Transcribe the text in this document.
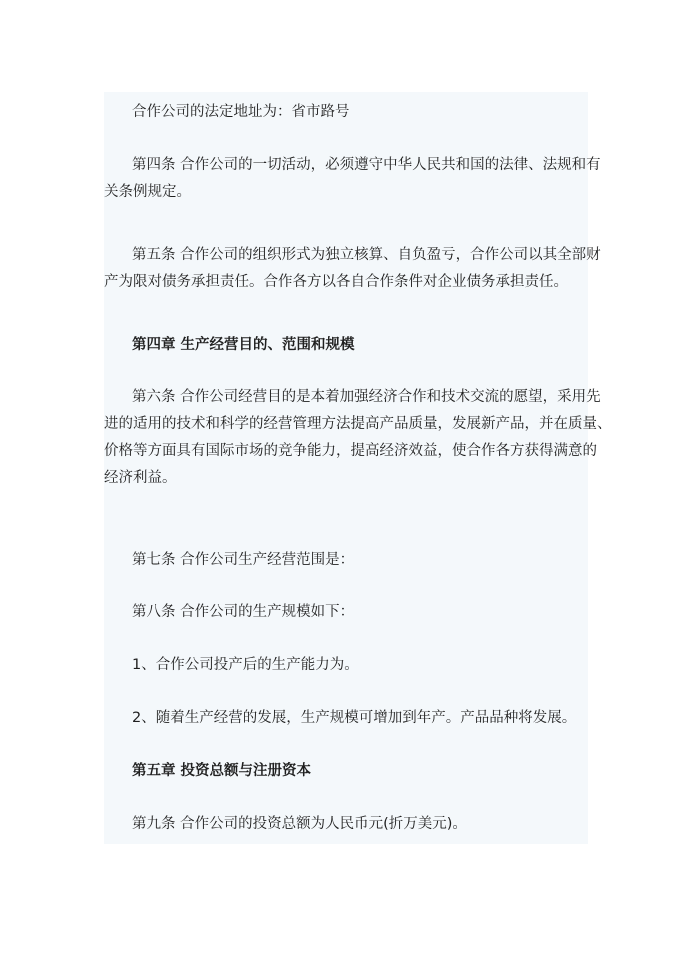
合作公司的法定地址为：省市路号

第四条 合作公司的一切活动，必须遵守中华人民共和国的法律、法规和有
关条例规定。

第五条 合作公司的组织形式为独立核算、自负盈亏，合作公司以其全部财
产为限对债务承担责任。合作各方以各自合作条件对企业债务承担责任。

第四章 生产经营目的、范围和规模

第六条 合作公司经营目的是本着加强经济合作和技术交流的愿望，采用先
进的适用的技术和科学的经营管理方法提高产品质量，发展新产品，并在质量、
价格等方面具有国际市场的竞争能力，提高经济效益，使合作各方获得满意的
经济利益。

第七条 合作公司生产经营范围是：

第八条 合作公司的生产规模如下：

1、合作公司投产后的生产能力为。

2、随着生产经营的发展，生产规模可增加到年产。产品品种将发展。

第五章 投资总额与注册资本

第九条 合作公司的投资总额为人民币元(折万美元)。
